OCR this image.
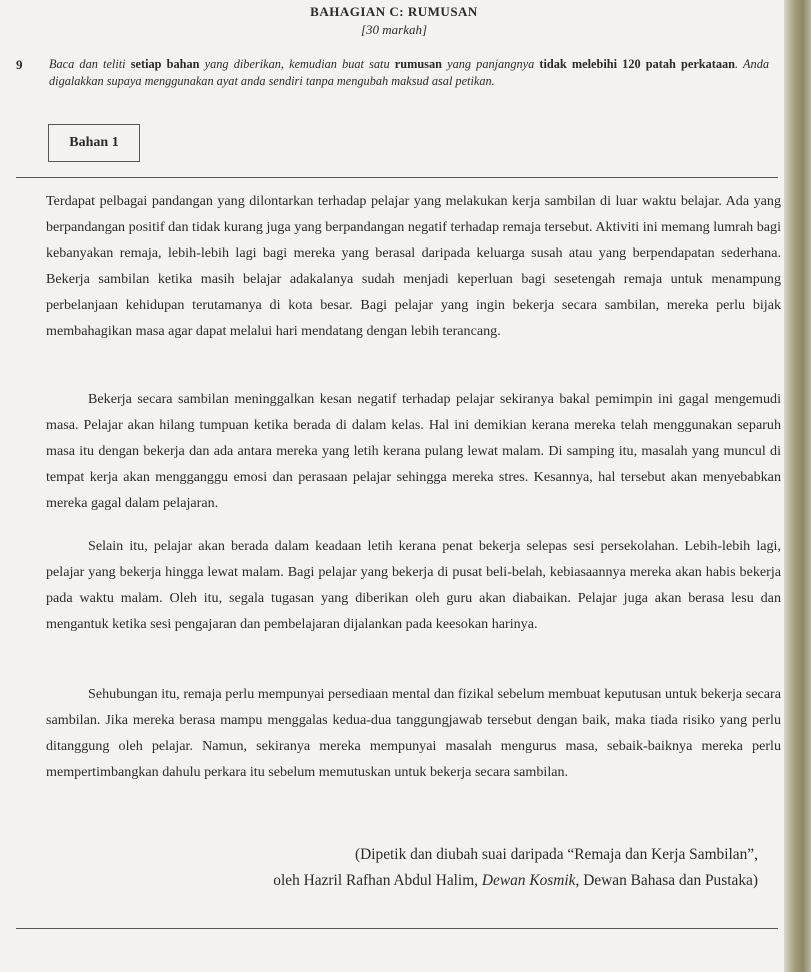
BAHAGIAN C: RUMUSAN
[30 markah]
9 Baca dan teliti setiap bahan yang diberikan, kemudian buat satu rumusan yang panjangnya tidak melebihi 120 patah perkataan. Anda digalakkan supaya menggunakan ayat anda sendiri tanpa mengubah maksud asal petikan.
Bahan 1

Terdapat pelbagai pandangan yang dilontarkan terhadap pelajar yang melakukan kerja sambilan di luar waktu belajar. Ada yang berpandangan positif dan tidak kurang juga yang berpandangan negatif terhadap remaja tersebut. Aktiviti ini memang lumrah bagi kebanyakan remaja, lebih-lebih lagi bagi mereka yang berasal daripada keluarga susah atau yang berpendapatan sederhana. Bekerja sambilan ketika masih belajar adakalanya sudah menjadi keperluan bagi sesetengah remaja untuk menampung perbelanjaan kehidupan terutamanya di kota besar. Bagi pelajar yang ingin bekerja secara sambilan, mereka perlu bijak membahagikan masa agar dapat melalui hari mendatang dengan lebih terancang.

Bekerja secara sambilan meninggalkan kesan negatif terhadap pelajar sekiranya bakal pemimpin ini gagal mengemudi masa. Pelajar akan hilang tumpuan ketika berada di dalam kelas. Hal ini demikian kerana mereka telah menggunakan separuh masa itu dengan bekerja dan ada antara mereka yang letih kerana pulang lewat malam. Di samping itu, masalah yang muncul di tempat kerja akan mengganggu emosi dan perasaan pelajar sehingga mereka stres. Kesannya, hal tersebut akan menyebabkan mereka gagal dalam pelajaran.

Selain itu, pelajar akan berada dalam keadaan letih kerana penat bekerja selepas sesi persekolahan. Lebih-lebih lagi, pelajar yang bekerja hingga lewat malam. Bagi pelajar yang bekerja di pusat beli-belah, kebiasaannya mereka akan habis bekerja pada waktu malam. Oleh itu, segala tugasan yang diberikan oleh guru akan diabaikan. Pelajar juga akan berasa lesu dan mengantuk ketika sesi pengajaran dan pembelajaran dijalankan pada keesokan harinya.

Sehubungan itu, remaja perlu mempunyai persediaan mental dan fizikal sebelum membuat keputusan untuk bekerja secara sambilan. Jika mereka berasa mampu menggalas kedua-dua tanggungjawab tersebut dengan baik, maka tiada risiko yang perlu ditanggung oleh pelajar. Namun, sekiranya mereka mempunyai masalah mengurus masa, sebaik-baiknya mereka perlu mempertimbangkan dahulu perkara itu sebelum memutuskan untuk bekerja secara sambilan.

(Dipetik dan diubah suai daripada “Remaja dan Kerja Sambilan”,
oleh Hazril Rafhan Abdul Halim, Dewan Kosmik, Dewan Bahasa dan Pustaka)
